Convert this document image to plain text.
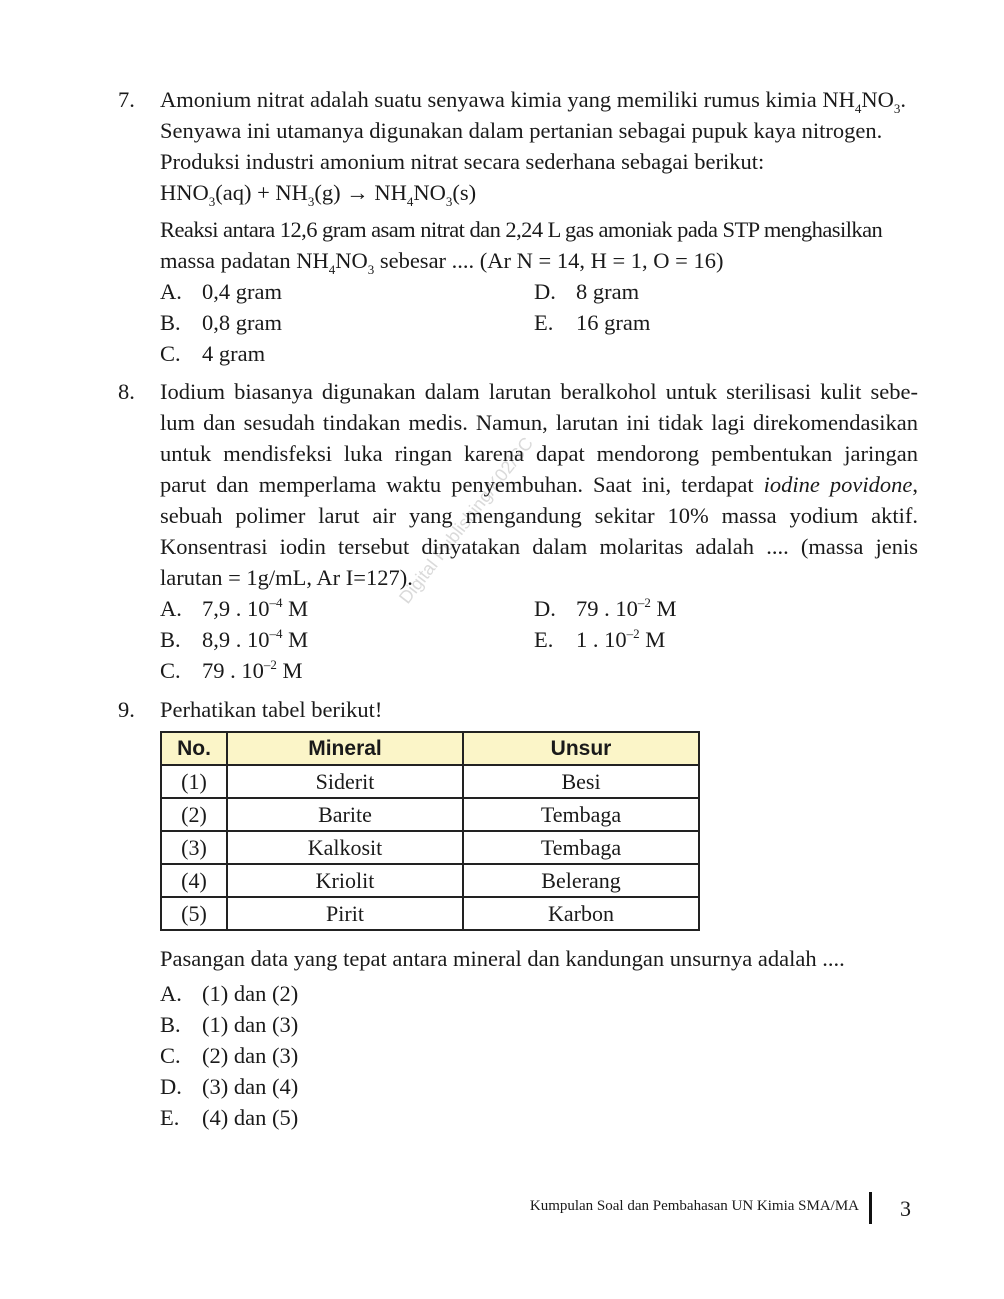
Digital Publishing/K02/SC
7. Amonium nitrat adalah suatu senyawa kimia yang memiliki rumus kimia $NH_4NO_3$.
Senyawa ini utamanya digunakan dalam pertanian sebagai pupuk kaya nitrogen.
Produksi industri amonium nitrat secara sederhana sebagai berikut:
$HNO_3(aq) + NH_3(g) \to NH_4NO_3(s)$
Reaksi antara 12,6 gram asam nitrat dan 2,24 L gas amoniak pada STP menghasilkan
massa padatan $NH_4NO_3$ sebesar .... (Ar N = 14, H = 1, O = 16)
A. 0,4 gram	D. 8 gram
B. 0,8 gram	E. 16 gram
C. 4 gram
8. Iodium biasanya digunakan dalam larutan beralkohol untuk sterilisasi kulit sebe-
lum dan sesudah tindakan medis. Namun, larutan ini tidak lagi direkomendasikan
untuk mendisfeksi luka ringan karena dapat mendorong pembentukan jaringan
parut dan memperlama waktu penyembuhan. Saat ini, terdapat iodine povidone,
sebuah polimer larut air yang mengandung sekitar 10% massa yodium aktif.
Konsentrasi iodin tersebut dinyatakan dalam molaritas adalah .... (massa jenis
larutan = 1g/mL, Ar I=127).
A. 7,9 . $10^{-4}$ M	D. 79 . $10^{-2}$ M
B. 8,9 . $10^{-4}$ M	E. 1 . $10^{-2}$ M
C. 79 . $10^{-2}$ M
9. Perhatikan tabel berikut!
No.	Mineral	Unsur
(1)	Siderit	Besi
(2)	Barite	Tembaga
(3)	Kalkosit	Tembaga
(4)	Kriolit	Belerang
(5)	Pirit	Karbon
Pasangan data yang tepat antara mineral dan kandungan unsurnya adalah ....
A. (1) dan (2)
B. (1) dan (3)
C. (2) dan (3)
D. (3) dan (4)
E. (4) dan (5)
Kumpulan Soal dan Pembahasan UN Kimia SMA/MA 3
